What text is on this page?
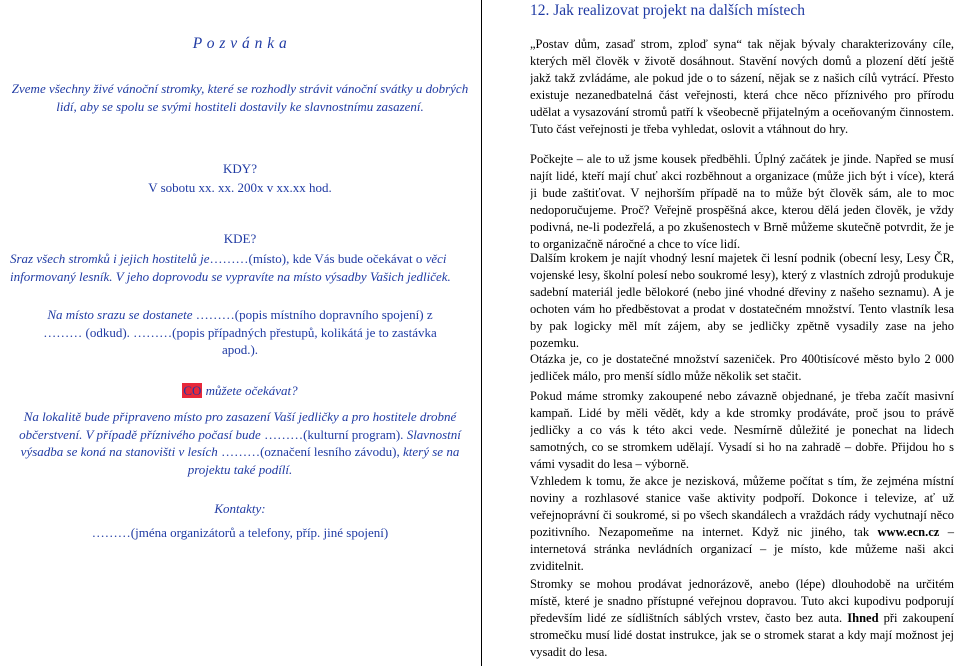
P o z v á n k a
Zveme všechny živé vánoční stromky, které se rozhodly strávit vánoční svátky u dobrých lidí, aby se spolu se svými hostiteli dostavily ke slavnostnímu zasazení.
KDY?
V sobotu xx. xx. 200x v xx.xx hod.
KDE?
Sraz všech stromků i jejich hostitelů je………(místo), kde Vás bude očekávat o věci informovaný lesník. V jeho doprovodu se vypravíte na místo výsadby Vašich jedliček.
Na místo srazu se dostanete ………(popis místního dopravního spojení) z ……… (odkud). ………(popis případných přestupů, kolikátá je to zastávka apod.).
CO můžete očekávat?
Na lokalitě bude připraveno místo pro zasazení Vaší jedličky a pro hostitele drobné občerstvení. V případě příznivého počasí bude ………(kulturní program). Slavnostní výsadba se koná na stanovišti v lesích ………(označení lesního závodu), který se na projektu také podílí.
Kontakty:
………(jména organizátorů a telefony, příp. jiné spojení)
12. Jak realizovat projekt na dalších místech
„Postav dům, zasaď strom, zploď syna“ tak nějak bývaly charakterizovány cíle, kterých měl člověk v životě dosáhnout. Stavění nových domů a plození dětí ještě jakž takž zvládáme, ale pokud jde o to sázení, nějak se z našich cílů vytrácí. Přesto existuje nezanedbatelná část veřejnosti, která chce něco příznivého pro přírodu udělat a vysazování stromů patří k všeobecně přijatelným a oceňovaným činnostem. Tuto část veřejnosti je třeba vyhledat, oslovit a vtáhnout do hry.
Počkejte – ale to už jsme kousek předběhli. Úplný začátek je jinde. Napřed se musí najít lidé, kteří mají chuť akci rozběhnout a organizace (může jich být i více), která ji bude zaštiťovat. V nejhorším případě na to může být člověk sám, ale to moc nedoporučujeme. Proč? Veřejně prospěšná akce, kterou dělá jeden člověk, je vždy podivná, ne-li podezřelá, a po zkušenostech v Brně můžeme skutečně potvrdit, že je to organizačně náročné a chce to více lidí.
Dalším krokem je najít vhodný lesní majetek či lesní podnik (obecní lesy, Lesy ČR, vojenské lesy, školní polesí nebo soukromé lesy), který z vlastních zdrojů produkuje sadební materiál jedle bělokoré (nebo jiné vhodné dřeviny z našeho seznamu). A je ochoten vám ho předběstovat a prodat v dostatečném množství. Tento vlastník lesa by pak logicky měl mít zájem, aby se jedličky zpětně vysadily zase na jeho pozemku.
Otázka je, co je dostatečné množství sazeniček. Pro 400tisícové město bylo 2 000 jedliček málo, pro menší sídlo může několik set stačit.
Pokud máme stromky zakoupené nebo závazně objednané, je třeba začít masivní kampaň. Lidé by měli vědět, kdy a kde stromky prodáváte, proč jsou to právě jedličky a co vás k této akci vede. Nesmírně důležité je ponechat na lidech samotných, co se stromkem udělají. Vysadí si ho na zahradě – dobře. Přijdou ho s vámi vysadit do lesa – výborně.
Vzhledem k tomu, že akce je nezisková, můžeme počítat s tím, že zejména místní noviny a rozhlasové stanice vaše aktivity podpoří. Dokonce i televize, ať už veřejnoprávní či soukromé, si po všech skandálech a vraždách rády vychutnají něco pozitivního. Nezapomeňme na internet. Když nic jiného, tak www.ecn.cz – internetová stránka nevládních organizací – je místo, kde můžeme naši akci zviditelnit.
Stromky se mohou prodávat jednorázově, anebo (lépe) dlouhodobě na určitém místě, které je snadno přístupné veřejnou dopravou. Tuto akci kupodivu podporují především lidé ze sídlištních sáblých vrstev, často bez auta. Ihned při zakoupení stromečku musí lidé dostat instrukce, jak se o stromek starat a kdy mají možnost jej vysadit do lesa.
